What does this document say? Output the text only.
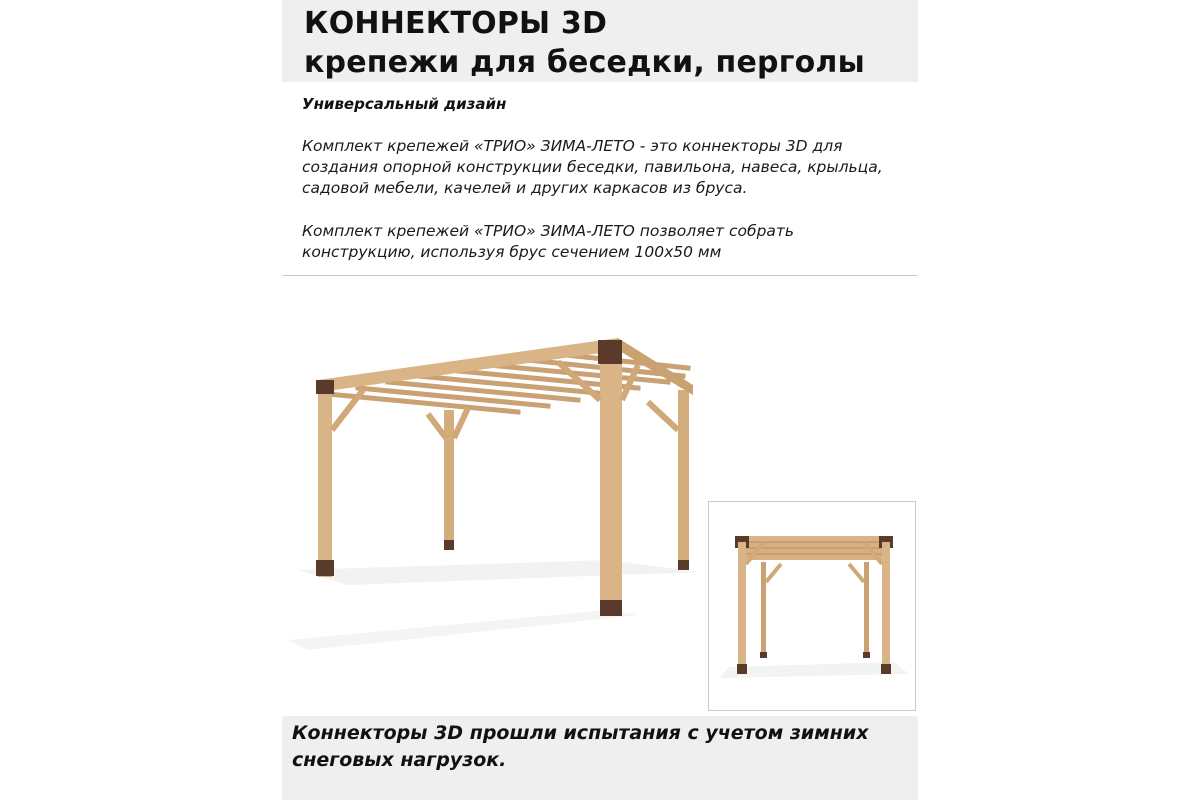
КОННЕКТОРЫ 3D
крепежи для беседки, перголы
Универсальный дизайн
Комплект крепежей «ТРИО» ЗИМА-ЛЕТО - это коннекторы 3D для создания опорной конструкции беседки, павильона, навеса, крыльца, садовой мебели, качелей и других каркасов из бруса.
Комплект крепежей «ТРИО» ЗИМА-ЛЕТО позволяет собрать конструкцию, используя брус сечением 100х50 мм
Коннекторы 3D прошли испытания с учетом зимних снеговых нагрузок.
